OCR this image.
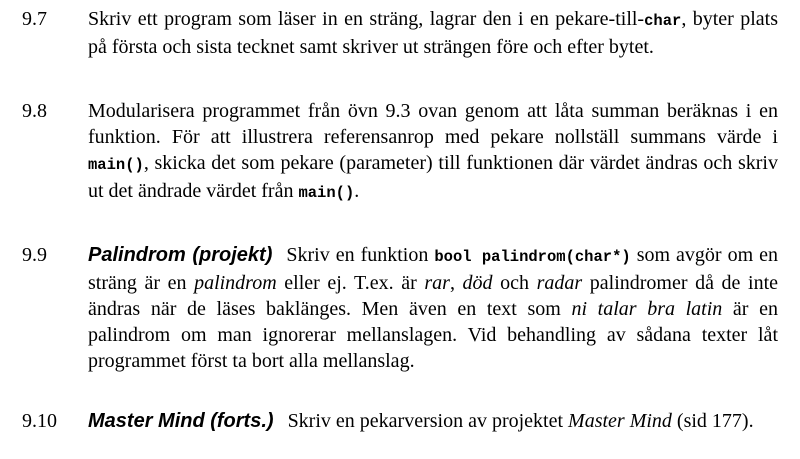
9.7	Skriv ett program som läser in en sträng, lagrar den i en pekare-till-char, byter plats på första och sista tecknet samt skriver ut strängen före och efter bytet.
9.8	Modularisera programmet från övn 9.3 ovan genom att låta summan beräknas i en funktion. För att illustrera referensanrop med pekare nollställ summans värde i main(), skicka det som pekare (parameter) till funktionen där värdet ändras och skriv ut det ändrade värdet från main().
9.9	Palindrom (projekt) Skriv en funktion bool palindrom(char*) som avgör om en sträng är en palindrom eller ej. T.ex. är rar, död och radar palindromer då de inte ändras när de läses baklänges. Men även en text som ni talar bra latin är en palindrom om man ignorerar mellanslagen. Vid behandling av sådana texter låt programmet först ta bort alla mellanslag.
9.10	Master Mind (forts.) Skriv en pekarversion av projektet Master Mind (sid 177).
